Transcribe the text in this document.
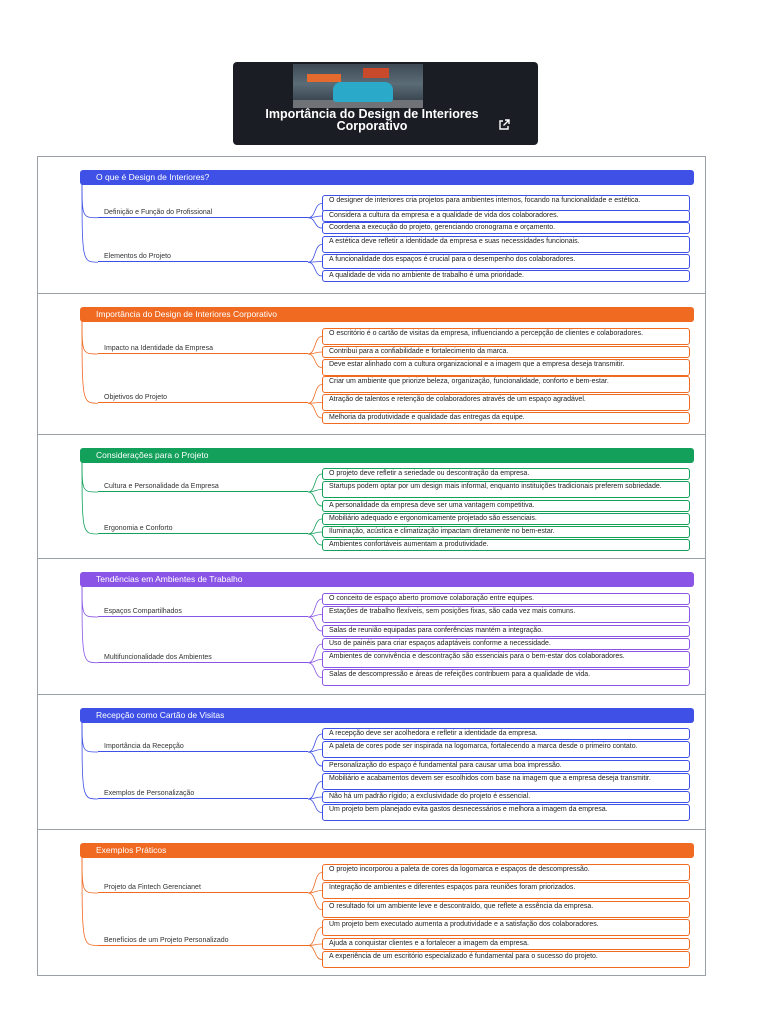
Importância do Design de Interiores Corporativo
O que é Design de Interiores?
Definição e Função do Profissional
O designer de interiores cria projetos para ambientes internos, focando na funcionalidade e estética.
Considera a cultura da empresa e a qualidade de vida dos colaboradores.
Coordena a execução do projeto, gerenciando cronograma e orçamento.
Elementos do Projeto
A estética deve refletir a identidade da empresa e suas necessidades funcionais.
A funcionalidade dos espaços é crucial para o desempenho dos colaboradores.
A qualidade de vida no ambiente de trabalho é uma prioridade.
Importância do Design de Interiores Corporativo
Impacto na Identidade da Empresa
O escritório é o cartão de visitas da empresa, influenciando a percepção de clientes e colaboradores.
Contribui para a confiabilidade e fortalecimento da marca.
Deve estar alinhado com a cultura organizacional e a imagem que a empresa deseja transmitir.
Objetivos do Projeto
Criar um ambiente que priorize beleza, organização, funcionalidade, conforto e bem-estar.
Atração de talentos e retenção de colaboradores através de um espaço agradável.
Melhoria da produtividade e qualidade das entregas da equipe.
Considerações para o Projeto
Cultura e Personalidade da Empresa
O projeto deve refletir a seriedade ou descontração da empresa.
Startups podem optar por um design mais informal, enquanto instituições tradicionais preferem sobriedade.
A personalidade da empresa deve ser uma vantagem competitiva.
Ergonomia e Conforto
Mobiliário adequado e ergonomicamente projetado são essenciais.
Iluminação, acústica e climatização impactam diretamente no bem-estar.
Ambientes confortáveis aumentam a produtividade.
Tendências em Ambientes de Trabalho
Espaços Compartilhados
O conceito de espaço aberto promove colaboração entre equipes.
Estações de trabalho flexíveis, sem posições fixas, são cada vez mais comuns.
Salas de reunião equipadas para conferências mantém a integração.
Multifuncionalidade dos Ambientes
Uso de painéis para criar espaços adaptáveis conforme a necessidade.
Ambientes de convivência e descontração são essenciais para o bem-estar dos colaboradores.
Salas de descompressão e áreas de refeições contribuem para a qualidade de vida.
Recepção como Cartão de Visitas
Importância da Recepção
A recepção deve ser acolhedora e refletir a identidade da empresa.
A paleta de cores pode ser inspirada na logomarca, fortalecendo a marca desde o primeiro contato.
Personalização do espaço é fundamental para causar uma boa impressão.
Exemplos de Personalização
Mobiliário e acabamentos devem ser escolhidos com base na imagem que a empresa deseja transmitir.
Não há um padrão rígido; a exclusividade do projeto é essencial.
Um projeto bem planejado evita gastos desnecessários e melhora a imagem da empresa.
Exemplos Práticos
Projeto da Fintech Gerencianet
O projeto incorporou a paleta de cores da logomarca e espaços de descompressão.
Integração de ambientes e diferentes espaços para reuniões foram priorizados.
O resultado foi um ambiente leve e descontraído, que reflete a essência da empresa.
Benefícios de um Projeto Personalizado
Um projeto bem executado aumenta a produtividade e a satisfação dos colaboradores.
Ajuda a conquistar clientes e a fortalecer a imagem da empresa.
A experiência de um escritório especializado é fundamental para o sucesso do projeto.
